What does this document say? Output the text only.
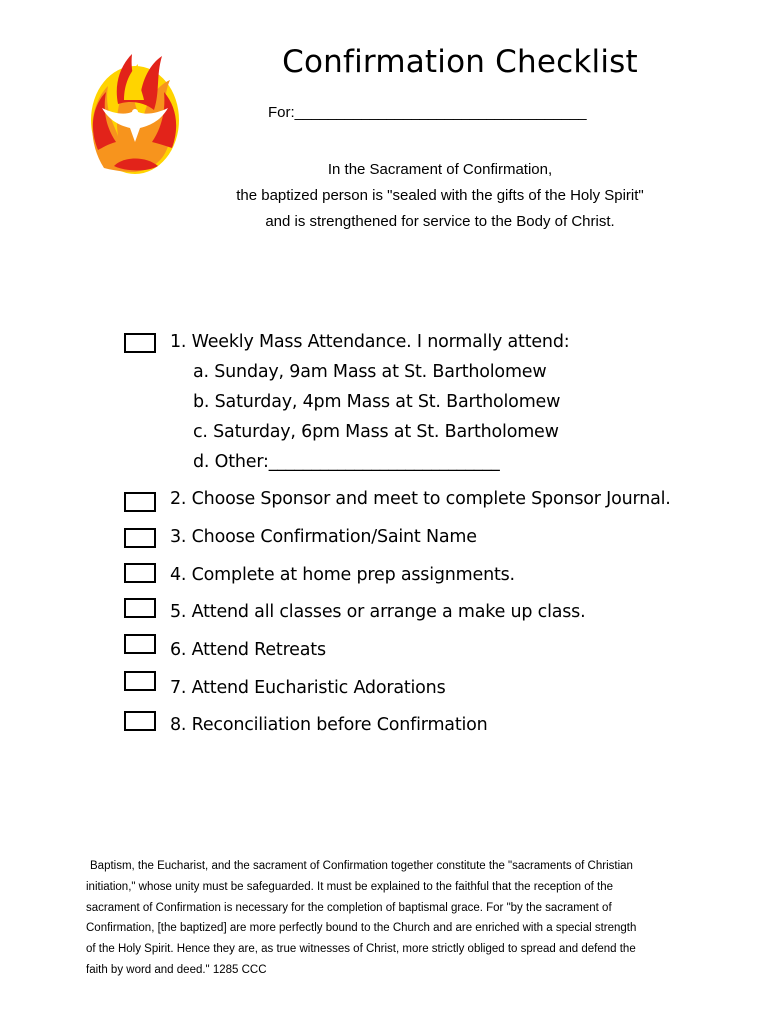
Confirmation Checklist
For:___________________________________
In the Sacrament of Confirmation,
the baptized person is "sealed with the gifts of the Holy Spirit"
and is strengthened for service to the Body of Christ.
1. Weekly Mass Attendance. I normally attend:
a. Sunday, 9am Mass at St. Bartholomew
b. Saturday, 4pm Mass at St. Bartholomew
c. Saturday, 6pm Mass at St. Bartholomew
d. Other:___________________________
2. Choose Sponsor and meet to complete Sponsor Journal.
3. Choose Confirmation/Saint Name
4. Complete at home prep assignments.
5. Attend all classes or arrange a make up class.
6. Attend Retreats
7. Attend Eucharistic Adorations
8. Reconciliation before Confirmation
Baptism, the Eucharist, and the sacrament of Confirmation together constitute the "sacraments of Christian
initiation," whose unity must be safeguarded. It must be explained to the faithful that the reception of the
sacrament of Confirmation is necessary for the completion of baptismal grace. For "by the sacrament of
Confirmation, [the baptized] are more perfectly bound to the Church and are enriched with a special strength
of the Holy Spirit. Hence they are, as true witnesses of Christ, more strictly obliged to spread and defend the
faith by word and deed." 1285 CCC
